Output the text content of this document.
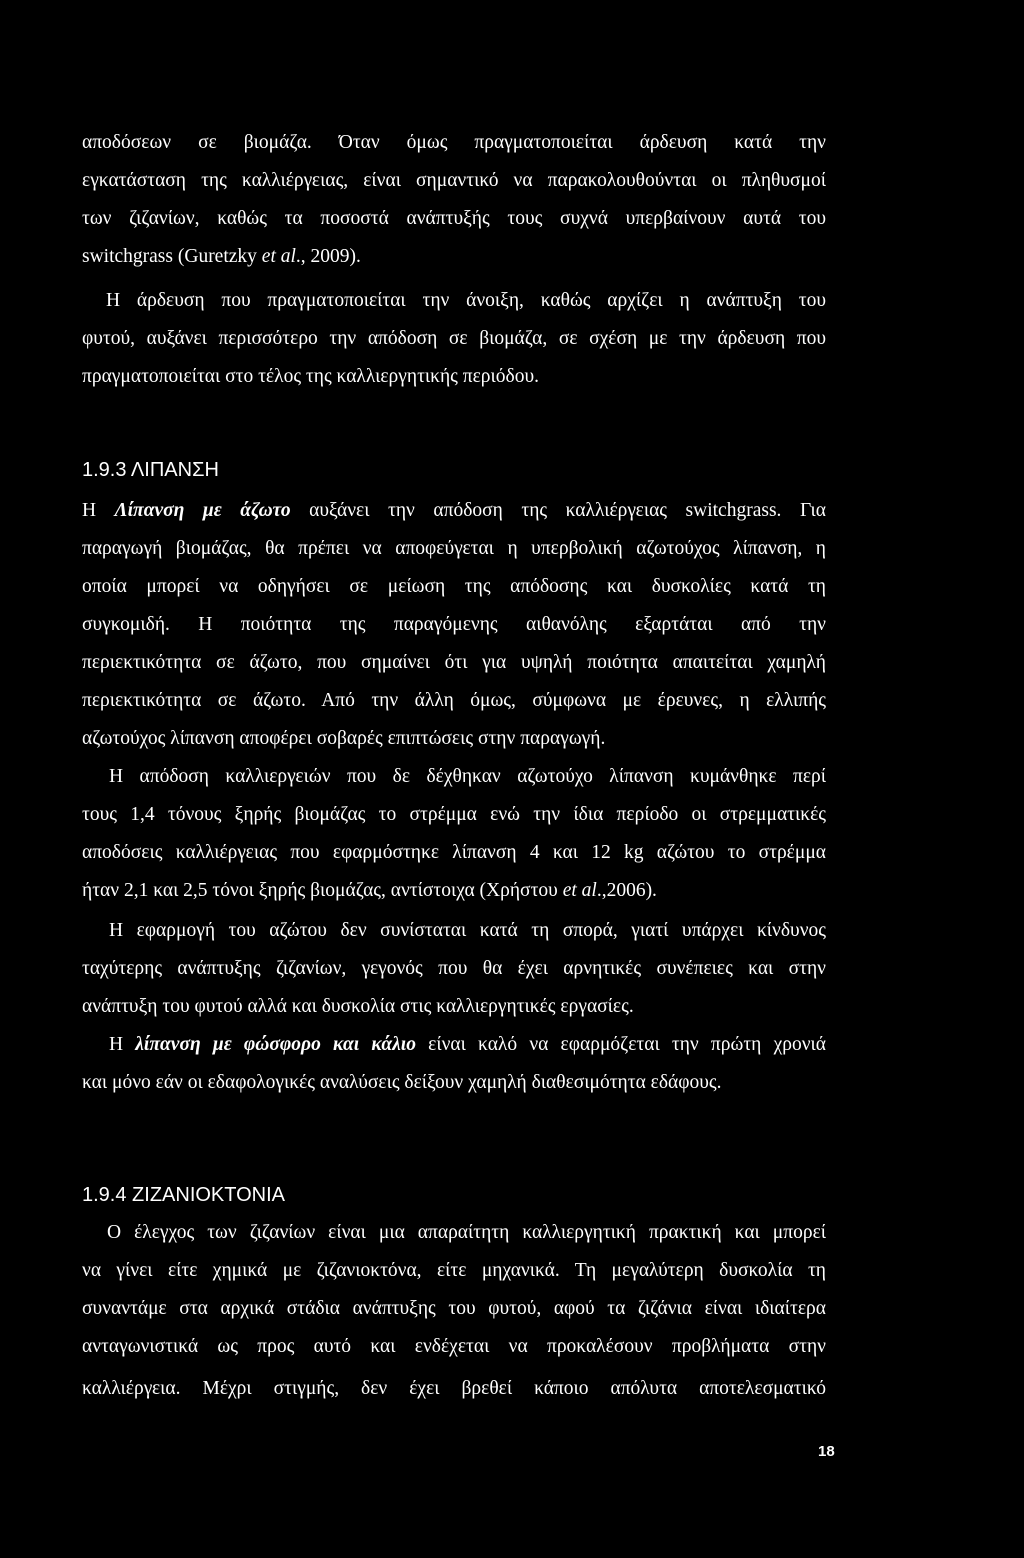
αποδόσεων σε βιομάζα. Όταν όμως πραγματοποιείται άρδευση κατά την
εγκατάσταση της καλλιέργειας, είναι σημαντικό να παρακολουθούνται οι πληθυσμοί
των ζιζανίων, καθώς τα ποσοστά ανάπτυξής τους συχνά υπερβαίνουν αυτά του
switchgrass (Guretzky et al., 2009).
Η άρδευση που πραγματοποιείται την άνοιξη, καθώς αρχίζει η ανάπτυξη του
φυτού, αυξάνει περισσότερο την απόδοση σε βιομάζα, σε σχέση με την άρδευση που
πραγματοποιείται στο τέλος της καλλιεργητικής περιόδου.
1.9.3 ΛΙΠΑΝΣΗ
Η Λίπανση με άζωτο αυξάνει την απόδοση της καλλιέργειας switchgrass. Για
παραγωγή βιομάζας, θα πρέπει να αποφεύγεται η υπερβολική αζωτούχος λίπανση, η
οποία μπορεί να οδηγήσει σε μείωση της απόδοσης και δυσκολίες κατά τη
συγκομιδή. Η ποιότητα της παραγόμενης αιθανόλης εξαρτάται από την
περιεκτικότητα σε άζωτο, που σημαίνει ότι για υψηλή ποιότητα απαιτείται χαμηλή
περιεκτικότητα σε άζωτο. Από την άλλη όμως, σύμφωνα με έρευνες, η ελλιπής
αζωτούχος λίπανση αποφέρει σοβαρές επιπτώσεις στην παραγωγή.
Η απόδοση καλλιεργειών που δε δέχθηκαν αζωτούχο λίπανση κυμάνθηκε περί
τους 1,4 τόνους ξηρής βιομάζας το στρέμμα ενώ την ίδια περίοδο οι στρεμματικές
αποδόσεις καλλιέργειας που εφαρμόστηκε λίπανση 4 και 12 kg αζώτου το στρέμμα
ήταν 2,1 και 2,5 τόνοι ξηρής βιομάζας, αντίστοιχα (Χρήστου et al.,2006).
Η εφαρμογή του αζώτου δεν συνίσταται κατά τη σπορά, γιατί υπάρχει κίνδυνος
ταχύτερης ανάπτυξης ζιζανίων, γεγονός που θα έχει αρνητικές συνέπειες και στην
ανάπτυξη του φυτού αλλά και δυσκολία στις καλλιεργητικές εργασίες.
Η λίπανση με φώσφορο και κάλιο είναι καλό να εφαρμόζεται την πρώτη χρονιά
και μόνο εάν οι εδαφολογικές αναλύσεις δείξουν χαμηλή διαθεσιμότητα εδάφους.
1.9.4 ΖΙΖΑΝΙΟΚΤΟΝΙΑ
Ο έλεγχος των ζιζανίων είναι μια απαραίτητη καλλιεργητική πρακτική και μπορεί
να γίνει είτε χημικά με ζιζανιοκτόνα, είτε μηχανικά. Τη μεγαλύτερη δυσκολία τη
συναντάμε στα αρχικά στάδια ανάπτυξης του φυτού, αφού τα ζιζάνια είναι ιδιαίτερα
ανταγωνιστικά ως προς αυτό και ενδέχεται να προκαλέσουν προβλήματα στην
καλλιέργεια. Μέχρι στιγμής, δεν έχει βρεθεί κάποιο απόλυτα αποτελεσματικό
18
